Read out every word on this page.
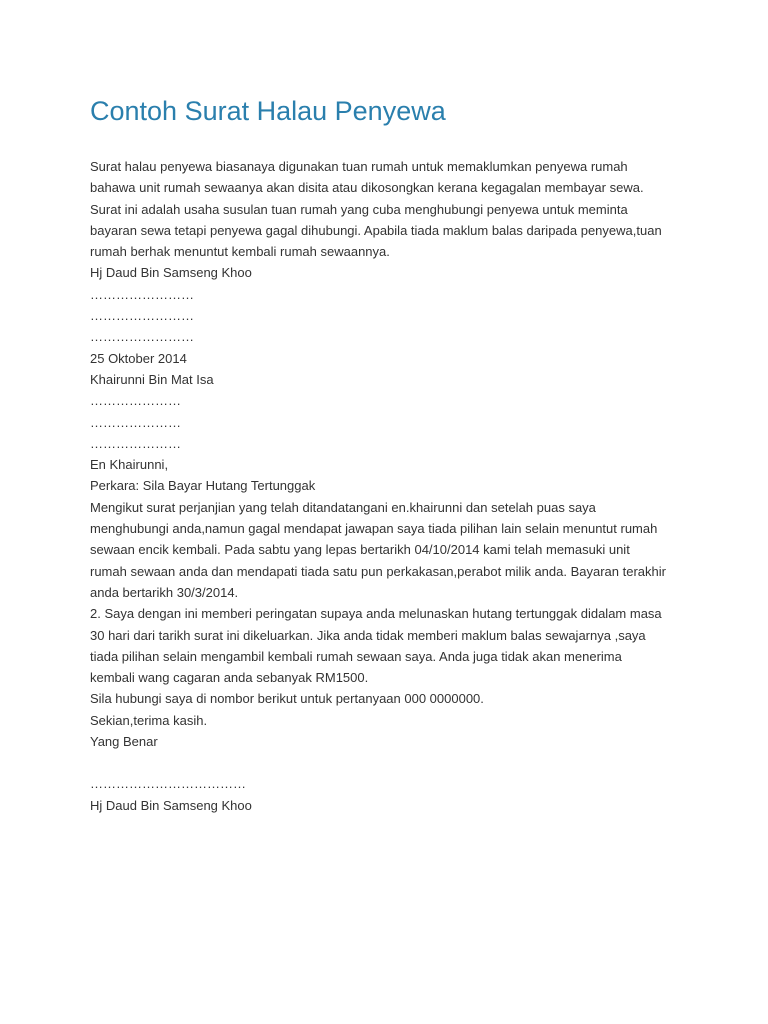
Contoh Surat Halau Penyewa

Surat halau penyewa biasanaya digunakan tuan rumah untuk memaklumkan penyewa rumah

bahawa unit rumah sewaanya akan disita atau dikosongkan kerana kegagalan membayar sewa.

Surat ini adalah usaha susulan tuan rumah yang cuba menghubungi penyewa untuk meminta

bayaran sewa tetapi penyewa gagal dihubungi. Apabila tiada maklum balas daripada penyewa,tuan

rumah berhak menuntut kembali rumah sewaannya.

Hj Daud Bin Samseng Khoo

……………………

……………………

……………………

25 Oktober 2014

Khairunni Bin Mat Isa

…………………

…………………

…………………

En Khairunni,

Perkara: Sila Bayar Hutang Tertunggak

Mengikut surat perjanjian yang telah ditandatangani en.khairunni dan setelah puas saya

menghubungi anda,namun gagal mendapat jawapan saya tiada pilihan lain selain menuntut rumah

sewaan encik kembali. Pada sabtu yang lepas bertarikh 04/10/2014 kami telah memasuki unit

rumah sewaan anda dan mendapati tiada satu pun perkakasan,perabot milik anda. Bayaran terakhir

anda bertarikh 30/3/2014.

2. Saya dengan ini memberi peringatan supaya anda melunaskan hutang tertunggak didalam masa

30 hari dari tarikh surat ini dikeluarkan. Jika anda tidak memberi maklum balas sewajarnya ,saya

tiada pilihan selain mengambil kembali rumah sewaan saya. Anda juga tidak akan menerima

kembali wang cagaran anda sebanyak RM1500.

Sila hubungi saya di nombor berikut untuk pertanyaan 000 0000000.

Sekian,terima kasih.

Yang Benar

………………………………

Hj Daud Bin Samseng Khoo
